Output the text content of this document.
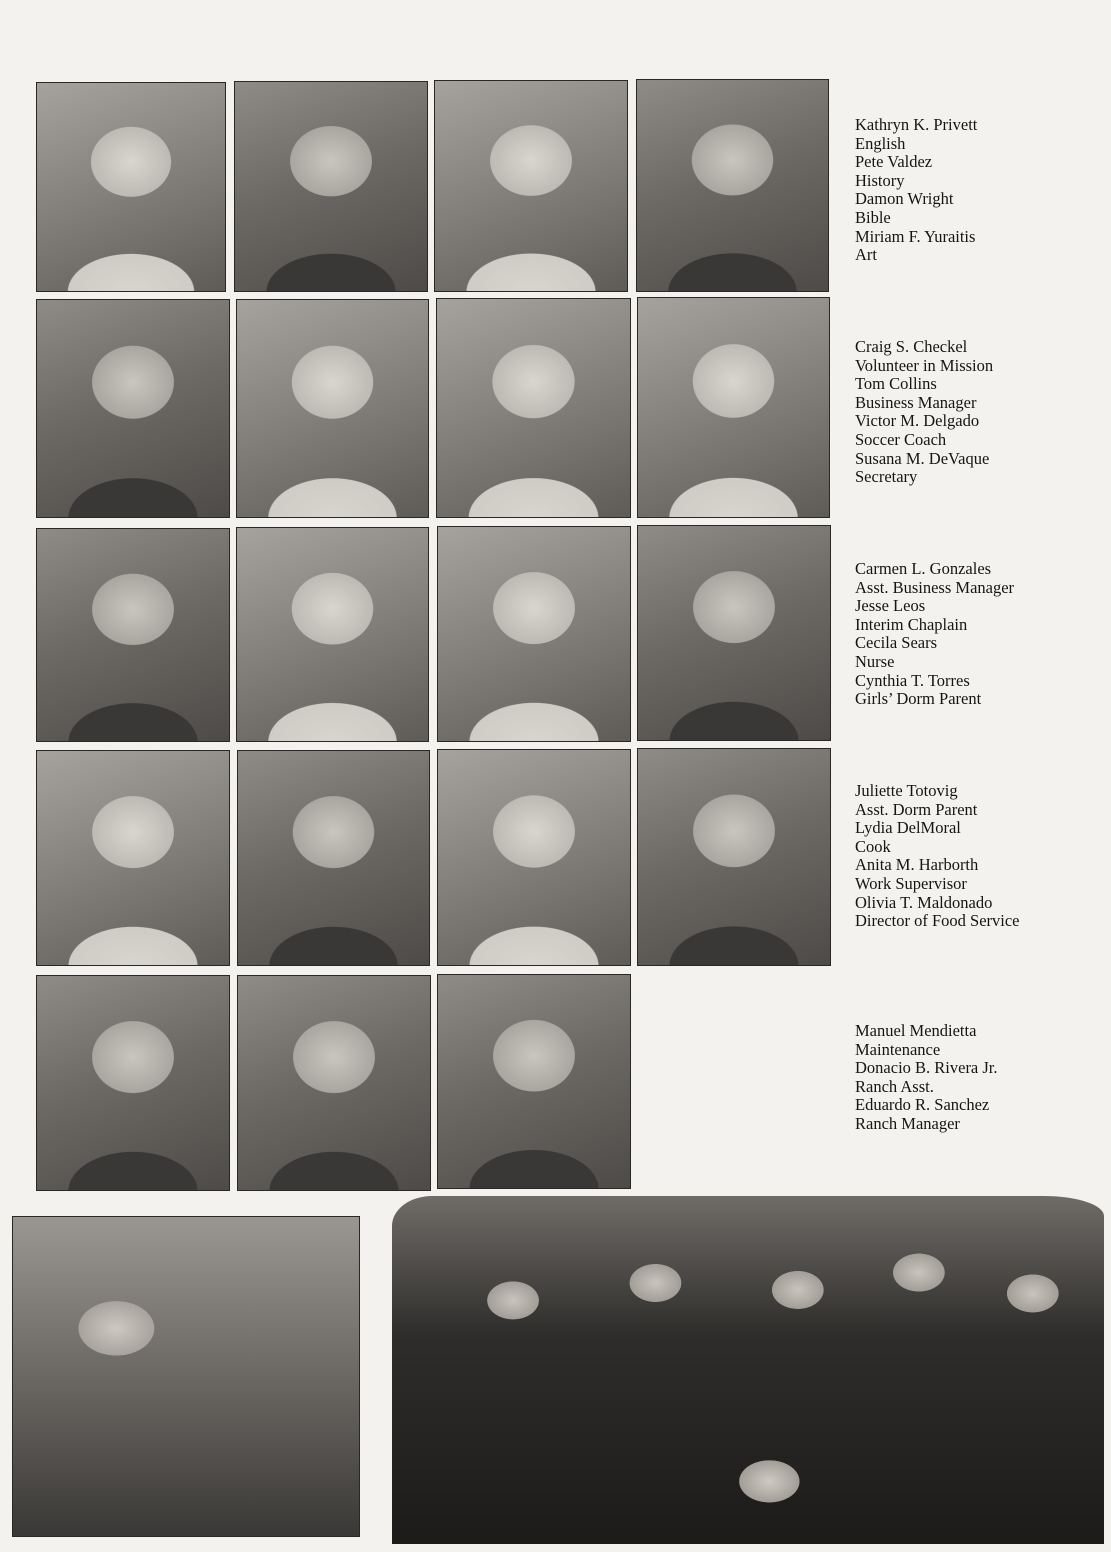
Kathryn K. Privett
English
Pete Valdez
History
Damon Wright
Bible
Miriam F. Yuraitis
Art
Craig S. Checkel
Volunteer in Mission
Tom Collins
Business Manager
Victor M. Delgado
Soccer Coach
Susana M. DeVaque
Secretary
Carmen L. Gonzales
Asst. Business Manager
Jesse Leos
Interim Chaplain
Cecila Sears
Nurse
Cynthia T. Torres
Girls’ Dorm Parent
Juliette Totovig
Asst. Dorm Parent
Lydia DelMoral
Cook
Anita M. Harborth
Work Supervisor
Olivia T. Maldonado
Director of Food Service
Manuel Mendietta
Maintenance
Donacio B. Rivera Jr.
Ranch Asst.
Eduardo R. Sanchez
Ranch Manager
